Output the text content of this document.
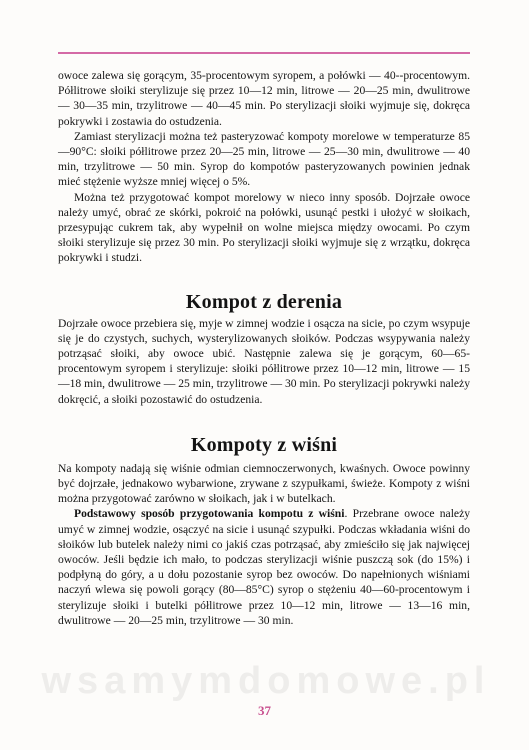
owoce zalewa się gorącym, 35-procentowym syropem, a połówki — 40--procentowym. Półlitrowe słoiki sterylizuje się przez 10—12 min, litrowe — 20—25 min, dwulitrowe — 30—35 min, trzylitrowe — 40—45 min. Po sterylizacji słoiki wyjmuje się, dokręca pokrywki i zostawia do ostudzenia.

Zamiast sterylizacji można też pasteryzować kompoty morelowe w temperaturze 85—90°C: słoiki półlitrowe przez 20—25 min, litrowe — 25—30 min, dwulitrowe — 40 min, trzylitrowe — 50 min. Syrop do kompotów pasteryzowanych powinien jednak mieć stężenie wyższe mniej więcej o 5%.

Można też przygotować kompot morelowy w nieco inny sposób. Dojrzałe owoce należy umyć, obrać ze skórki, pokroić na połówki, usunąć pestki i ułożyć w słoikach, przesypując cukrem tak, aby wypełnił on wolne miejsca między owocami. Po czym słoiki sterylizuje się przez 30 min. Po sterylizacji słoiki wyjmuje się z wrzątku, dokręca pokrywki i studzi.

Kompot z derenia

Dojrzałe owoce przebiera się, myje w zimnej wodzie i osącza na sicie, po czym wsypuje się je do czystych, suchych, wysterylizowanych słoików. Podczas wsypywania należy potrząsać słoiki, aby owoce ubić. Następnie zalewa się je gorącym, 60—65-procentowym syropem i sterylizuje: słoiki półlitrowe przez 10—12 min, litrowe — 15—18 min, dwulitrowe — 25 min, trzylitrowe — 30 min. Po sterylizacji pokrywki należy dokręcić, a słoiki pozostawić do ostudzenia.

Kompoty z wiśni

Na kompoty nadają się wiśnie odmian ciemnoczerwonych, kwaśnych. Owoce powinny być dojrzałe, jednakowo wybarwione, zrywane z szypułkami, świeże. Kompoty z wiśni można przygotować zarówno w słoikach, jak i w butelkach.

Podstawowy sposób przygotowania kompotu z wiśni. Przebrane owoce należy umyć w zimnej wodzie, osączyć na sicie i usunąć szypułki. Podczas wkładania wiśni do słoików lub butelek należy nimi co jakiś czas potrząsać, aby zmieściło się jak najwięcej owoców. Jeśli będzie ich mało, to podczas sterylizacji wiśnie puszczą sok (do 15%) i podpłyną do góry, a u dołu pozostanie syrop bez owoców. Do napełnionych wiśniami naczyń wlewa się powoli gorący (80—85°C) syrop o stężeniu 40—60-procentowym i sterylizuje słoiki i butelki półlitrowe przez 10—12 min, litrowe — 13—16 min, dwulitrowe — 20—25 min, trzylitrowe — 30 min.

wsamymdomowe.pl
37
